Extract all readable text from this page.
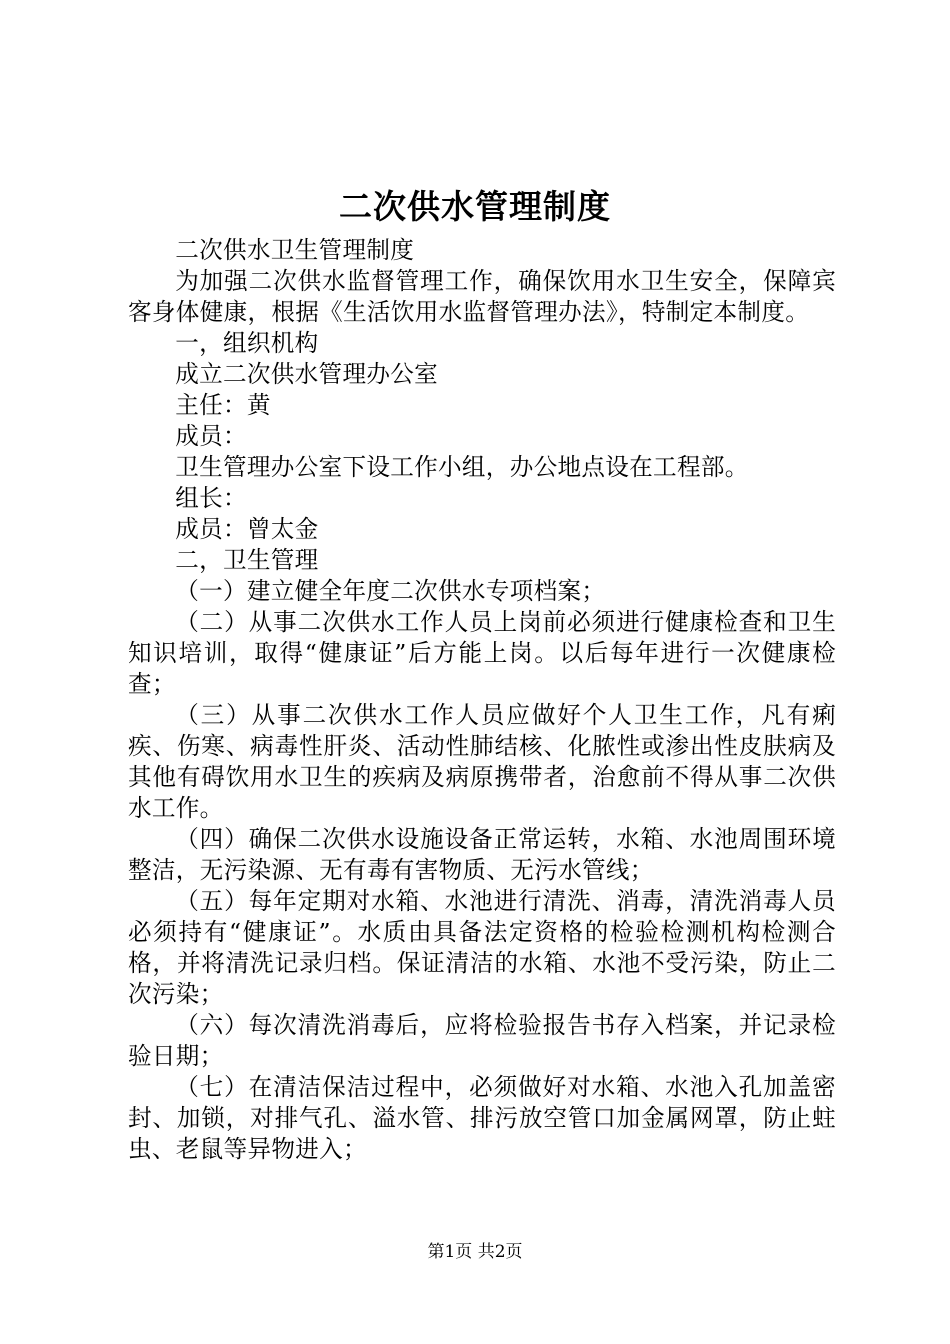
二次供水管理制度

二次供水卫生管理制度

为加强二次供水监督管理工作，确保饮用水卫生安全，保障宾客身体健康，根据《生活饮用水监督管理办法》，特制定本制度。

一，组织机构

成立二次供水管理办公室

主任：黄

成员：

卫生管理办公室下设工作小组，办公地点设在工程部。

组长：

成员：曾太金

二，卫生管理

（一）建立健全年度二次供水专项档案；

（二）从事二次供水工作人员上岗前必须进行健康检查和卫生知识培训，取得“健康证”后方能上岗。以后每年进行一次健康检查；

（三）从事二次供水工作人员应做好个人卫生工作，凡有痢疾、伤寒、病毒性肝炎、活动性肺结核、化脓性或渗出性皮肤病及其他有碍饮用水卫生的疾病及病原携带者，治愈前不得从事二次供水工作。

（四）确保二次供水设施设备正常运转，水箱、水池周围环境整洁，无污染源、无有毒有害物质、无污水管线；

（五）每年定期对水箱、水池进行清洗、消毒，清洗消毒人员必须持有“健康证”。水质由具备法定资格的检验检测机构检测合格，并将清洗记录归档。保证清洁的水箱、水池不受污染，防止二次污染；

（六）每次清洗消毒后，应将检验报告书存入档案，并记录检验日期；

（七）在清洁保洁过程中，必须做好对水箱、水池入孔加盖密封、加锁，对排气孔、溢水管、排污放空管口加金属网罩，防止蛀虫、老鼠等异物进入；

第1页 共2页
